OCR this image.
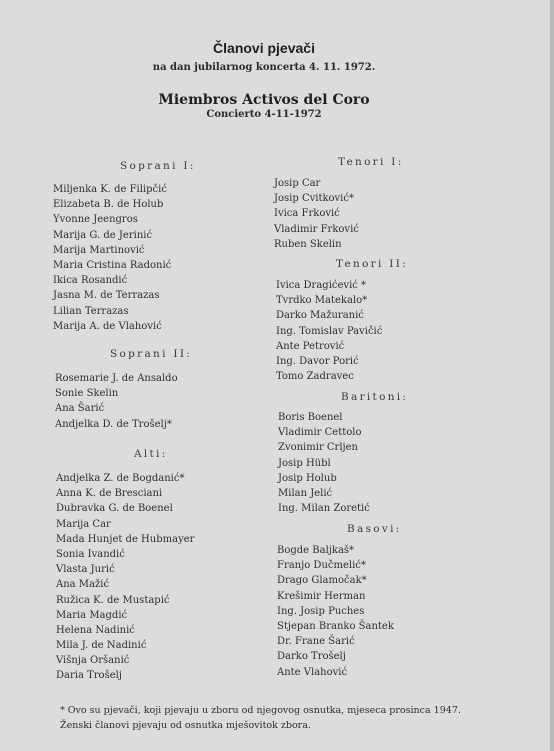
Članovi pjevači
na dan jubilarnog koncerta 4. 11. 1972.
Miembros Activos del Coro
Concierto 4-11-1972
Soprani I:
Miljenka K. de Filipčić
Elizabeta B. de Holub
Yvonne Jeengros
Marija G. de Jerinić
Marija Martinović
Maria Cristina Radonić
Ikica Rosandić
Jasna M. de Terrazas
Lilian Terrazas
Marija A. de Vlahović
Soprani II:
Rosemarie J. de Ansaldo
Sonie Skelin
Ana Šarić
Andjelka D. de Trošelj*
Alti:
Andjelka Z. de Bogdanić*
Anna K. de Bresciani
Dubravka G. de Boenel
Marija Car
Mada Hunjet de Hubmayer
Sonia Ivandić
Vlasta Jurić
Ana Mažić
Ružica K. de Mustapić
Maria Magdić
Helena Nadinić
Mila J. de Nadinić
Višnja Oršanić
Daria Trošelj
Tenori I:
Josip Car
Josip Cvitković*
Ivica Frković
Vladimir Frković
Ruben Skelin
Tenori II:
Ivica Dragićević *
Tvrdko Matekalo*
Darko Mažuranić
Ing. Tomislav Pavičić
Ante Petrović
Ing. Davor Porić
Tomo Zadravec
Baritoni:
Boris Boenel
Vladimir Cettolo
Zvonimir Crljen
Josip Hübl
Josip Holub
Milan Jelić
Ing. Milan Zoretić
Basovi:
Bogde Baljkaš*
Franjo Dučmelić*
Drago Glamočak*
Krešimir Herman
Ing. Josip Puches
Stjepan Branko Šantek
Dr. Frane Šarić
Darko Trošelj
Ante Vlahović
* Ovo su pjevači, koji pjevaju u zboru od njegovog osnutka, mjeseca prosinca 1947. Ženski članovi pjevaju od osnutka mješovitok zbora.
